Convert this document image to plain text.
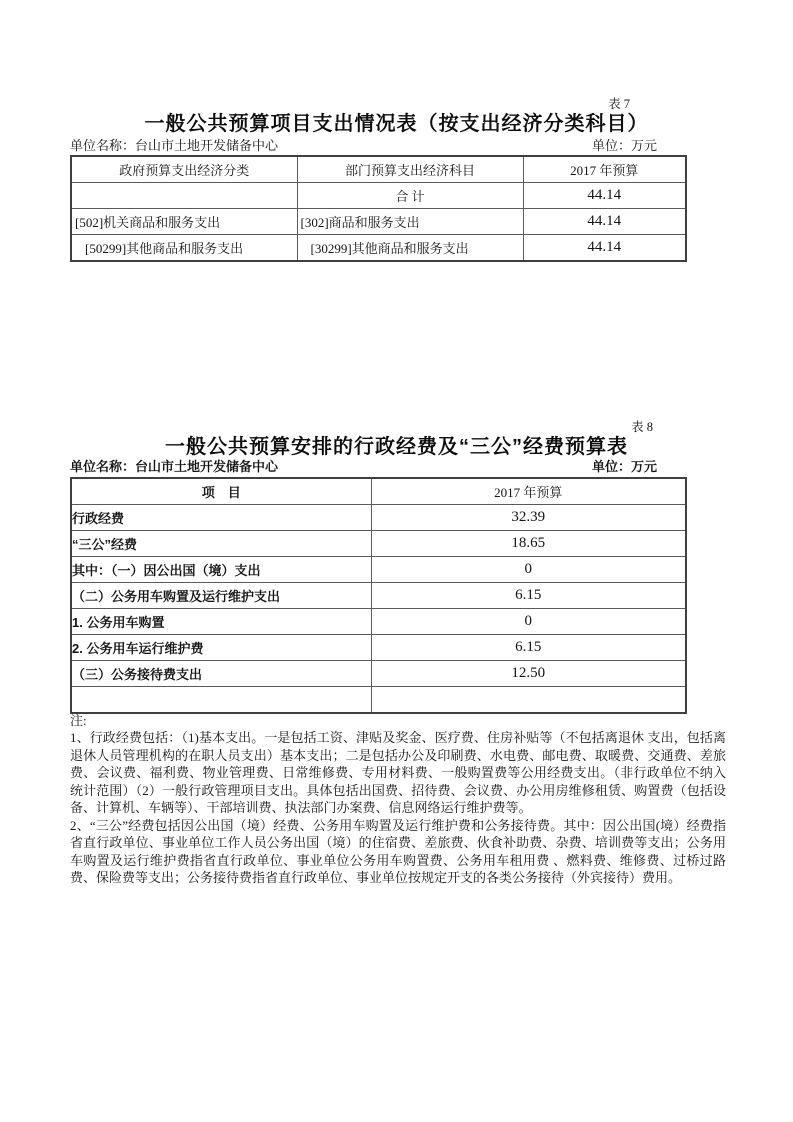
表 7
一般公共预算项目支出情况表（按支出经济分类科目）
单位名称：台山市土地开发储备中心	单位：万元
政府预算支出经济分类	部门预算支出经济科目	2017 年预算
	合 计	44.14
[502]机关商品和服务支出	[302]商品和服务支出	44.14
[50299]其他商品和服务支出	[30299]其他商品和服务支出	44.14
表 8
一般公共预算安排的行政经费及“三公”经费预算表
单位名称：台山市土地开发储备中心	单位：万元
项　目	2017 年预算
行政经费	32.39
“三公”经费	18.65
其中：（一）因公出国（境）支出	0
（二）公务用车购置及运行维护支出	6.15
1. 公务用车购置	0
2. 公务用车运行维护费	6.15
（三）公务接待费支出	12.50

注:

1、行政经费包括：（1)基本支出。一是包括工资、津贴及奖金、医疗费、住房补贴等（不包括离退休 支出，包括离退休人员管理机构的在职人员支出）基本支出；二是包括办公及印刷费、水电费、邮电费、取暖费、交通费、差旅费、会议费、福利费、物业管理费、日常维修费、专用材料费、一般购置费等公用经费支出。（非行政单位不纳入统计范围）（2）一般行政管理项目支出。具体包括出国费、招待费、会议费、办公用房维修租赁、购置费（包括设备、计算机、车辆等）、干部培训费、执法部门办案费、信息网络运行维护费等。

2、“三公”经费包括因公出国（境）经费、公务用车购置及运行维护费和公务接待费。其中：因公出国(境）经费指省直行政单位、事业单位工作人员公务出国（境）的住宿费、差旅费、伙食补助费、杂费、培训费等支出；公务用车购置及运行维护费指省直行政单位、事业单位公务用车购置费、公务用车租用费 、燃料费、维修费、过桥过路费、保险费等支出；公务接待费指省直行政单位、事业单位按规定开支的各类公务接待（外宾接待）费用。
